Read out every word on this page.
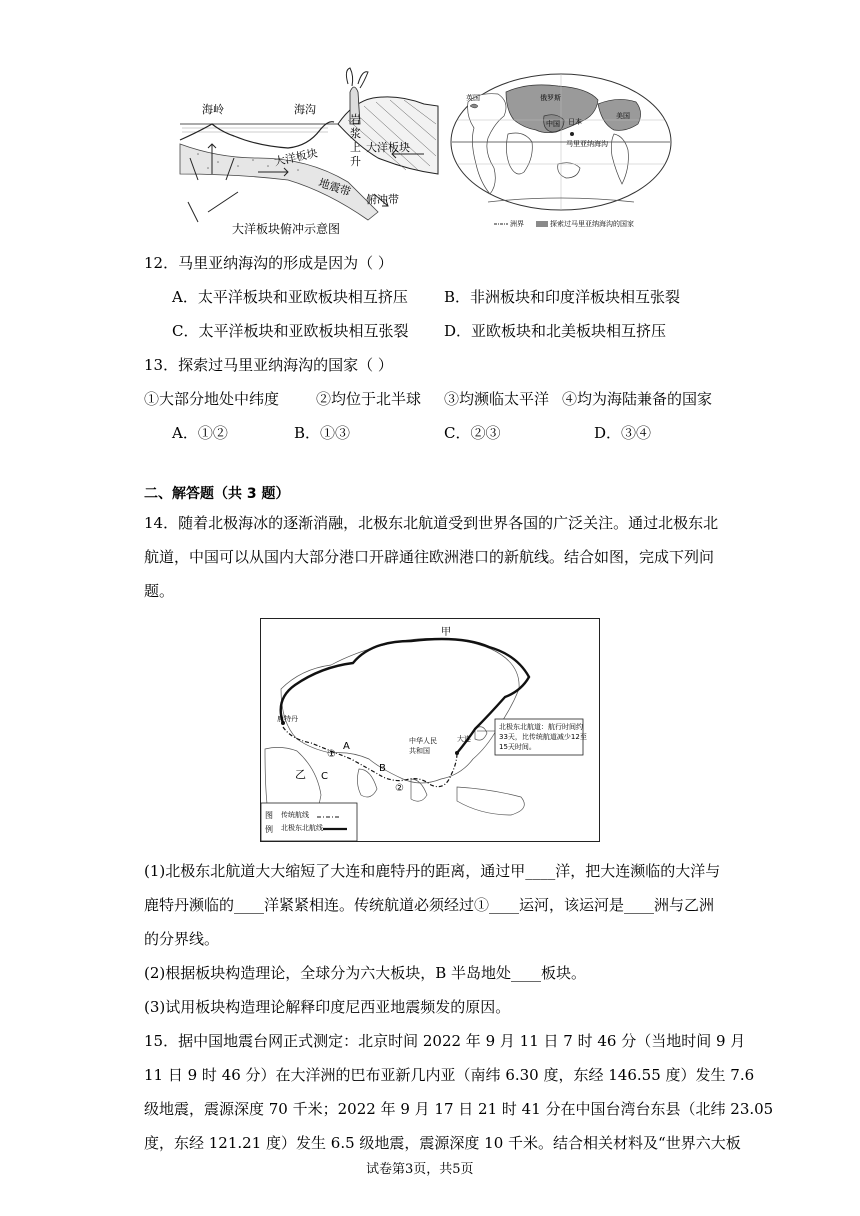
海岭	海沟
岩
浆
上
升
大洋板块	大洋板块
地震带
俯冲带
大洋板块俯冲示意图
英国	俄罗斯
中国 日本
美国
马里亚纳海沟
洲界	探索过马里亚纳海沟的国家
12．马里亚纳海沟的形成是因为（ ）
A．太平洋板块和亚欧板块相互挤压 B．非洲板块和印度洋板块相互张裂
C．太平洋板块和亚欧板块相互张裂 D．亚欧板块和北美板块相互挤压
13．探索过马里亚纳海沟的国家（ ）
①大部分地处中纬度 ②均位于北半球 ③均濒临太平洋 ④均为海陆兼备的国家
A．①②	B．①③	C．②③	D．③④
二、解答题（共 3 题）
14．随着北极海冰的逐渐消融，北极东北航道受到世界各国的广泛关注。通过北极东北
航道，中国可以从国内大部分港口开辟通往欧洲港口的新航线。结合如图，完成下列问
题。
甲
乙
鹿特丹
大连
中华人民
共和国
A
B
C
①
②
北极东北航道：航行时间约
33天，比传统航道减少12至
15天时间。
图
例
传统航线
北极东北航线
(1)北极东北航道大大缩短了大连和鹿特丹的距离，通过甲____洋，把大连濒临的大洋与
鹿特丹濒临的____洋紧紧相连。传统航道必须经过①____运河，该运河是____洲与乙洲
的分界线。
(2)根据板块构造理论，全球分为六大板块，B 半岛地处____板块。
(3)试用板块构造理论解释印度尼西亚地震频发的原因。
15．据中国地震台网正式测定：北京时间 2022 年 9 月 11 日 7 时 46 分（当地时间 9 月
11 日 9 时 46 分）在大洋洲的巴布亚新几内亚（南纬 6.30 度，东经 146.55 度）发生 7.6
级地震，震源深度 70 千米；2022 年 9 月 17 日 21 时 41 分在中国台湾台东县（北纬 23.05
度，东经 121.21 度）发生 6.5 级地震，震源深度 10 千米。结合相关材料及“世界六大板
试卷第3页，共5页
